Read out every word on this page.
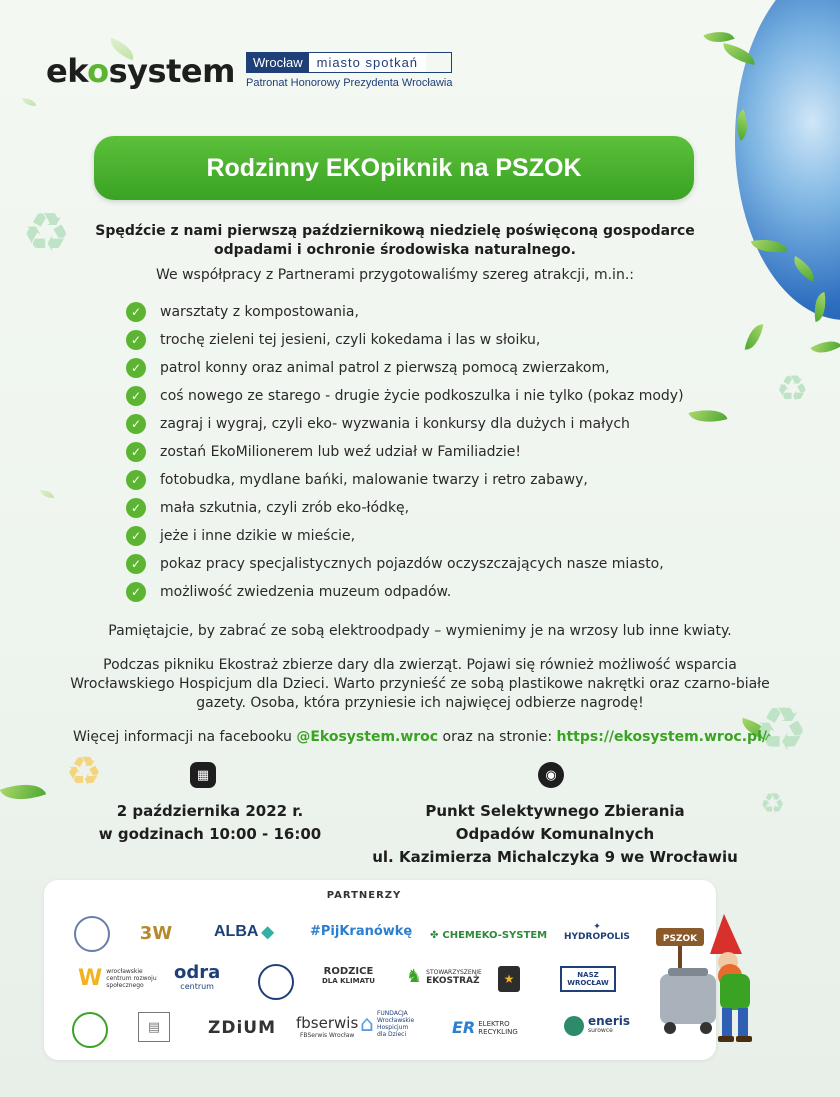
♻
♻
♻
♻
♻
ekosystem	Wrocław	miasto spotkań
Patronat Honorowy Prezydenta Wrocławia
Rodzinny EKOpiknik na PSZOK
Spędźcie z nami pierwszą październikową niedzielę poświęconą gospodarce odpadami i ochronie środowiska naturalnego.
We współpracy z Partnerami przygotowaliśmy szereg atrakcji, m.in.:
✓	warsztaty z kompostowania,
✓	trochę zieleni tej jesieni, czyli kokedama i las w słoiku,
✓	patrol konny oraz animal patrol z pierwszą pomocą zwierzakom,
✓	coś nowego ze starego - drugie życie podkoszulka i nie tylko (pokaz mody)
✓	zagraj i wygraj, czyli eko- wyzwania i konkursy dla dużych i małych
✓	zostań EkoMilionerem lub weź udział w Familiadzie!
✓	fotobudka, mydlane bańki, malowanie twarzy i retro zabawy,
✓	mała szkutnia, czyli zrób eko-łódkę,
✓	jeże i inne dzikie w mieście,
✓	pokaz pracy specjalistycznych pojazdów oczyszczających nasze miasto,
✓	możliwość zwiedzenia muzeum odpadów.
Pamiętajcie, by zabrać ze sobą elektroodpady – wymienimy je na wrzosy lub inne kwiaty.
Podczas pikniku Ekostraż zbierze dary dla zwierząt. Pojawi się również możliwość wsparcia Wrocławskiego Hospicjum dla Dzieci. Warto przynieść ze sobą plastikowe nakrętki oraz czarno-białe gazety. Osoba, która przyniesie ich najwięcej odbierze nagrodę!
Więcej informacji na facebooku @Ekosystem.wroc oraz na stronie: https://ekosystem.wroc.pl/
▦	◉
2 października 2022 r.
w godzinach 10:00 - 16:00
Punkt Selektywnego Zbierania
Odpadów Komunalnych
ul. Kazimierza Michalczyka 9 we Wrocławiu
PARTNERZY
3W	ALBA ◆	#PijKranówkę ✤ CHEMEKO-SYSTEM
✦
HYDROPOLIS
W wrocławskie
centrum rozwoju
społecznego
odra
centrum
RODZICE
DLA KLIMATU ♞ STOWARZYSZENIE
EKOSTRAŻ	★	NASZ
WROCŁAW
▤	ZDiUM fbserwis
FBSerwis Wrocław ⌂ FUNDACJA
Wrocławskie
Hospicjum
dla Dzieci	ER ELEKTRO
RECYKLING
eneris
surowce
PSZOK
